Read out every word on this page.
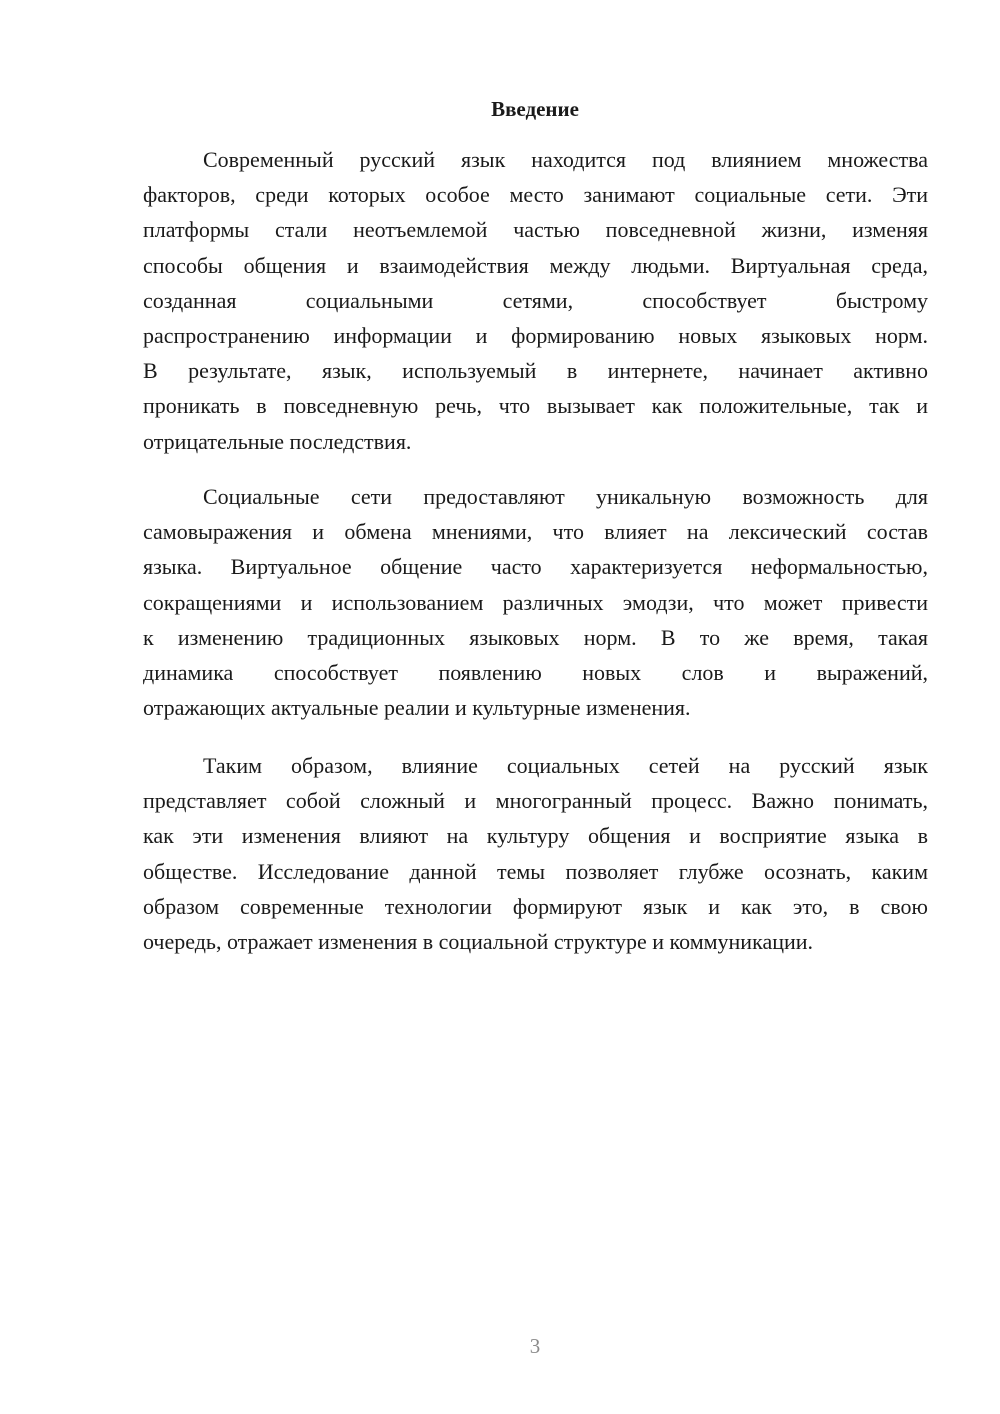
Введение
Современный русский язык находится под влиянием множества
факторов, среди которых особое место занимают социальные сети. Эти
платформы стали неотъемлемой частью повседневной жизни, изменяя
способы общения и взаимодействия между людьми. Виртуальная среда,
созданная социальными сетями, способствует быстрому
распространению информации и формированию новых языковых норм.
В результате, язык, используемый в интернете, начинает активно
проникать в повседневную речь, что вызывает как положительные, так и
отрицательные последствия.
Социальные сети предоставляют уникальную возможность для
самовыражения и обмена мнениями, что влияет на лексический состав
языка. Виртуальное общение часто характеризуется неформальностью,
сокращениями и использованием различных эмодзи, что может привести
к изменению традиционных языковых норм. В то же время, такая
динамика способствует появлению новых слов и выражений,
отражающих актуальные реалии и культурные изменения.
Таким образом, влияние социальных сетей на русский язык
представляет собой сложный и многогранный процесс. Важно понимать,
как эти изменения влияют на культуру общения и восприятие языка в
обществе. Исследование данной темы позволяет глубже осознать, каким
образом современные технологии формируют язык и как это, в свою
очередь, отражает изменения в социальной структуре и коммуникации.
3
